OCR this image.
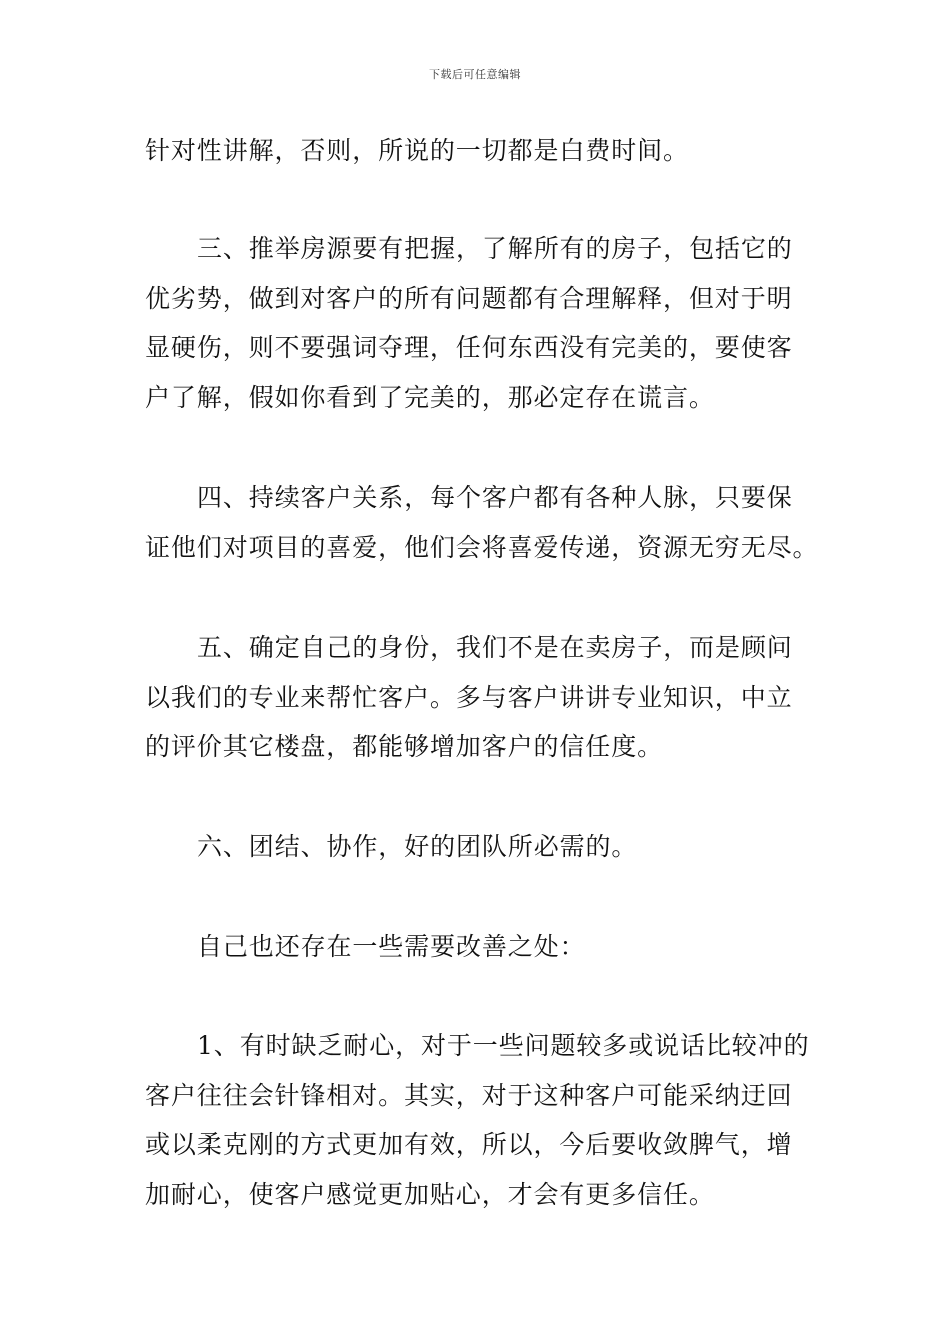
下载后可任意编辑
针对性讲解，否则，所说的一切都是白费时间。
三、推举房源要有把握，了解所有的房子，包括它的
优劣势，做到对客户的所有问题都有合理解释，但对于明
显硬伤，则不要强词夺理，任何东西没有完美的，要使客
户了解，假如你看到了完美的，那必定存在谎言。
四、持续客户关系，每个客户都有各种人脉，只要保
证他们对项目的喜爱，他们会将喜爱传递，资源无穷无尽。
五、确定自己的身份，我们不是在卖房子，而是顾问
以我们的专业来帮忙客户。多与客户讲讲专业知识，中立
的评价其它楼盘，都能够增加客户的信任度。
六、团结、协作，好的团队所必需的。
自己也还存在一些需要改善之处：
1、有时缺乏耐心，对于一些问题较多或说话比较冲的
客户往往会针锋相对。其实，对于这种客户可能采纳迂回
或以柔克刚的方式更加有效，所以，今后要收敛脾气，增
加耐心，使客户感觉更加贴心，才会有更多信任。
